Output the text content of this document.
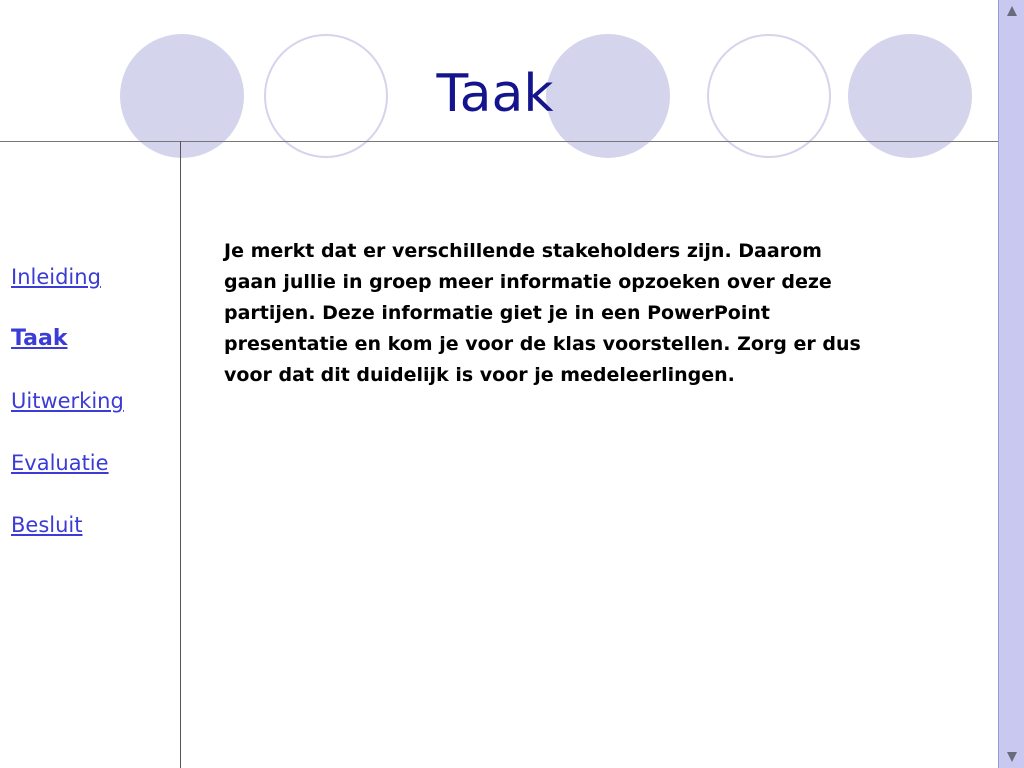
Taak
Inleiding
Taak
Uitwerking
Evaluatie
Besluit

Je merkt dat er verschillende stakeholders zijn. Daarom gaan jullie in groep meer informatie opzoeken over deze partijen. Deze informatie giet je in een PowerPoint presentatie en kom je voor de klas voorstellen. Zorg er dus voor dat dit duidelijk is voor je medeleerlingen.
